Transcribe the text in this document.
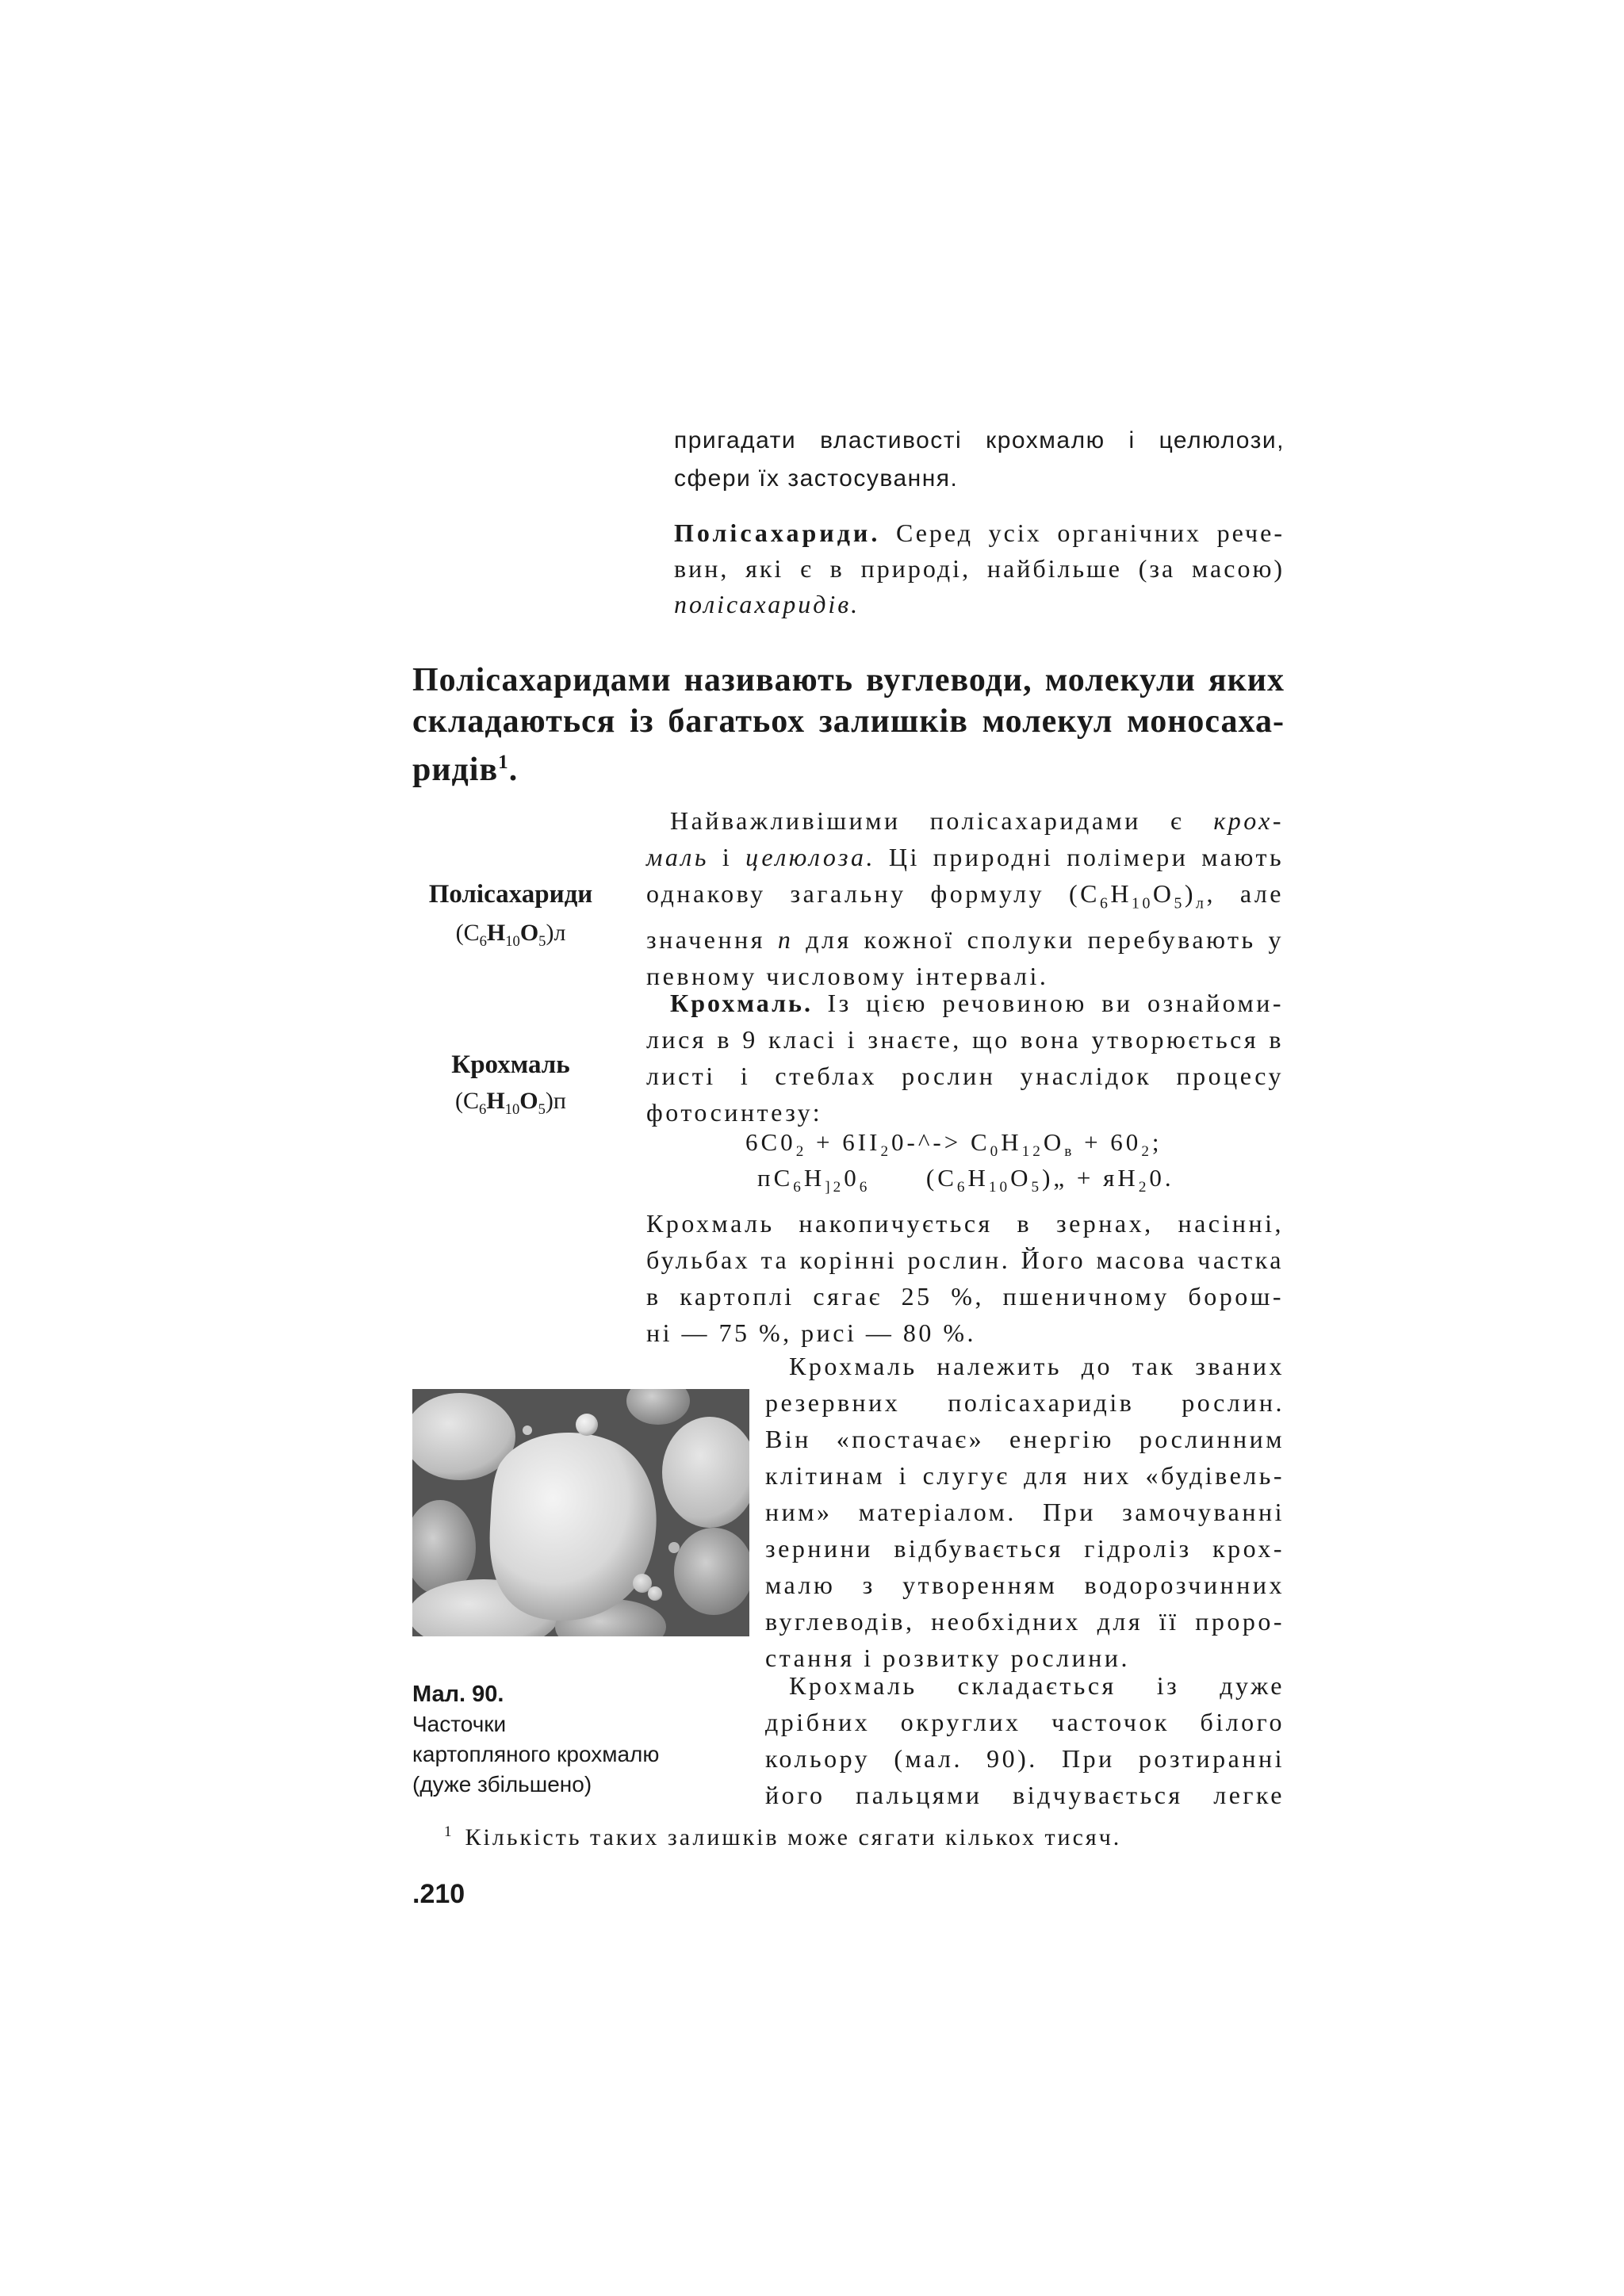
пригадати властивості крохмалю і целюлози,
сфери їх застосування.
Полісахариди. Серед усіх органічних рече-
вин, які є в природі, найбільше (за масою)
полісахаридів.
Полісахаридами називають вуглеводи, молекули яких
складаються із багатьох залишків молекул моносаха-
ридів$^1$.
Полісахариди
$(C_6H_{10}O_5)л$
Крохмаль
$(C_6H_{10}O_5)п$
Найважливішими полісахаридами є крох-
маль і целюлоза. Ці природні полімери мають
однакову загальну формулу $(C_6H_{10}O_5)_л$, але
значення n для кожної сполуки перебувають у
певному числовому інтервалі.
Крохмаль. Із цією речовиною ви ознайоми-
лися в 9 класі і знаєте, що вона утворюється в
листі і стеблах рослин унаслідок процесу
фотосинтезу:
$6C0_2$ + $6II_20-\^{}-> C_0H_{12}O_в + 60_2$;
$пC_6H_{]2}0_6$      $(C_6H_{10}O_5)„ + яH_20$.
Крохмаль накопичується в зернах, насінні,
бульбах та корінні рослин. Його масова частка
в картоплі сягає 25 %, пшеничному борош-
ні — 75 %, рисі — 80 %.
Мал. 90.
Часточки
картопляного крохмалю
(дуже збільшено)
Крохмаль належить до так званих
резервних полісахаридів рослин.
Він «постачає» енергію рослинним
клітинам і слугує для них «будівель-
ним» матеріалом. При замочуванні
зернини відбувається гідроліз крох-
малю з утворенням водорозчинних
вуглеводів, необхідних для її проро-
стання і розвитку рослини.
Крохмаль складається із дуже
дрібних округлих часточок білого
кольору (мал. 90). При розтиранні
його пальцями відчувається легке
$^1$ Кількість таких залишків може сягати кількох тисяч.
.210
